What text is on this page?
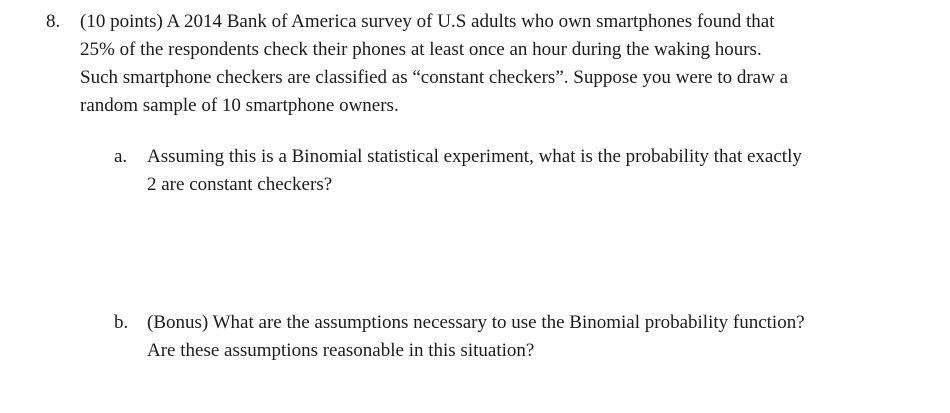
8. (10 points) A 2014 Bank of America survey of U.S adults who own smartphones found that
25% of the respondents check their phones at least once an hour during the waking hours.
Such smartphone checkers are classified as “constant checkers”. Suppose you were to draw a
random sample of 10 smartphone owners.
a. Assuming this is a Binomial statistical experiment, what is the probability that exactly
2 are constant checkers?
b. (Bonus) What are the assumptions necessary to use the Binomial probability function?
Are these assumptions reasonable in this situation?
